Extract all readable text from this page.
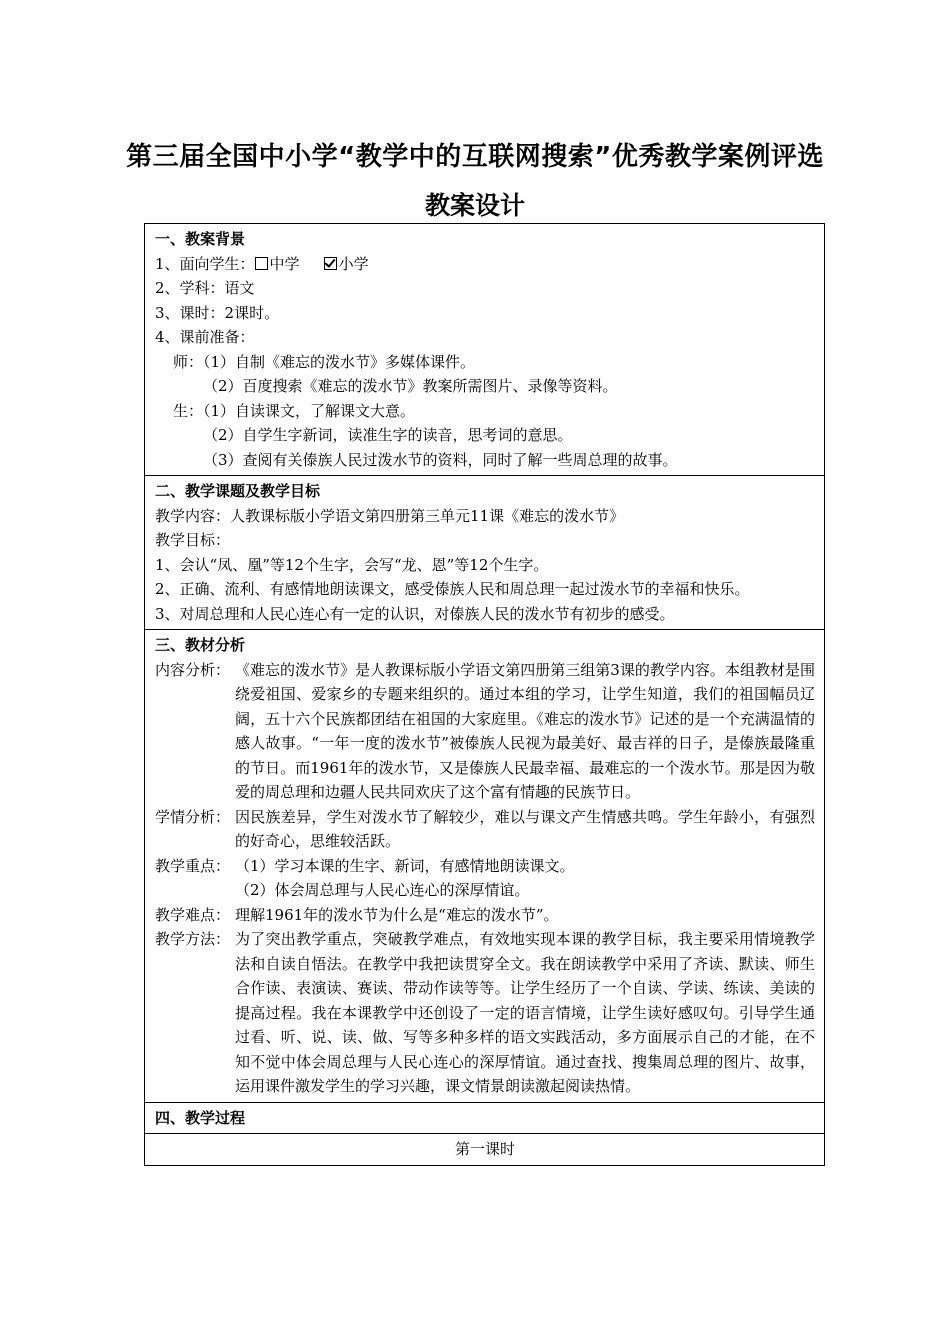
第三届全国中小学“教学中的互联网搜索”优秀教学案例评选
教案设计
一、教案背景
1、面向学生： 中学	小学
2、学科：语文
3、课时：2课时。
4、课前准备：
师：（1）自制《难忘的泼水节》多媒体课件。
（2）百度搜索《难忘的泼水节》教案所需图片、录像等资料。
生：（1）自读课文，了解课文大意。
（2）自学生字新词，读准生字的读音，思考词的意思。
（3）查阅有关傣族人民过泼水节的资料，同时了解一些周总理的故事。

二、教学课题及教学目标
教学内容：人教课标版小学语文第四册第三单元11课《难忘的泼水节》
教学目标：
1、会认“凤、凰”等12个生字，会写“龙、恩”等12个生字。
2、正确、流利、有感情地朗读课文，感受傣族人民和周总理一起过泼水节的幸福和快乐。
3、对周总理和人民心连心有一定的认识，对傣族人民的泼水节有初步的感受。

三、教材分析
内容分析： 《难忘的泼水节》是人教课标版小学语文第四册第三组第3课的教学内容。本组教材是围绕爱祖国、爱家乡的专题来组织的。通过本组的学习，让学生知道，我们的祖国幅员辽阔，五十六个民族都团结在祖国的大家庭里。《难忘的泼水节》记述的是一个充满温情的感人故事。“一年一度的泼水节”被傣族人民视为最美好、最吉祥的日子，是傣族最隆重的节日。而1961年的泼水节，又是傣族人民最幸福、最难忘的一个泼水节。那是因为敬爱的周总理和边疆人民共同欢庆了这个富有情趣的民族节日。
学情分析： 因民族差异，学生对泼水节了解较少，难以与课文产生情感共鸣。学生年龄小，有强烈的好奇心，思维较活跃。
教学重点： （1）学习本课的生字、新词，有感情地朗读课文。
（2）体会周总理与人民心连心的深厚情谊。
教学难点： 理解1961年的泼水节为什么是“难忘的泼水节”。
教学方法： 为了突出教学重点，突破教学难点，有效地实现本课的教学目标，我主要采用情境教学法和自读自悟法。在教学中我把读贯穿全文。我在朗读教学中采用了齐读、默读、师生合作读、表演读、赛读、带动作读等等。让学生经历了一个自读、学读、练读、美读的提高过程。我在本课教学中还创设了一定的语言情境，让学生读好感叹句。引导学生通过看、听、说、读、做、写等多种多样的语文实践活动，多方面展示自己的才能，在不知不觉中体会周总理与人民心连心的深厚情谊。通过查找、搜集周总理的图片、故事，运用课件激发学生的学习兴趣，课文情景朗读激起阅读热情。

四、教学过程

第一课时
